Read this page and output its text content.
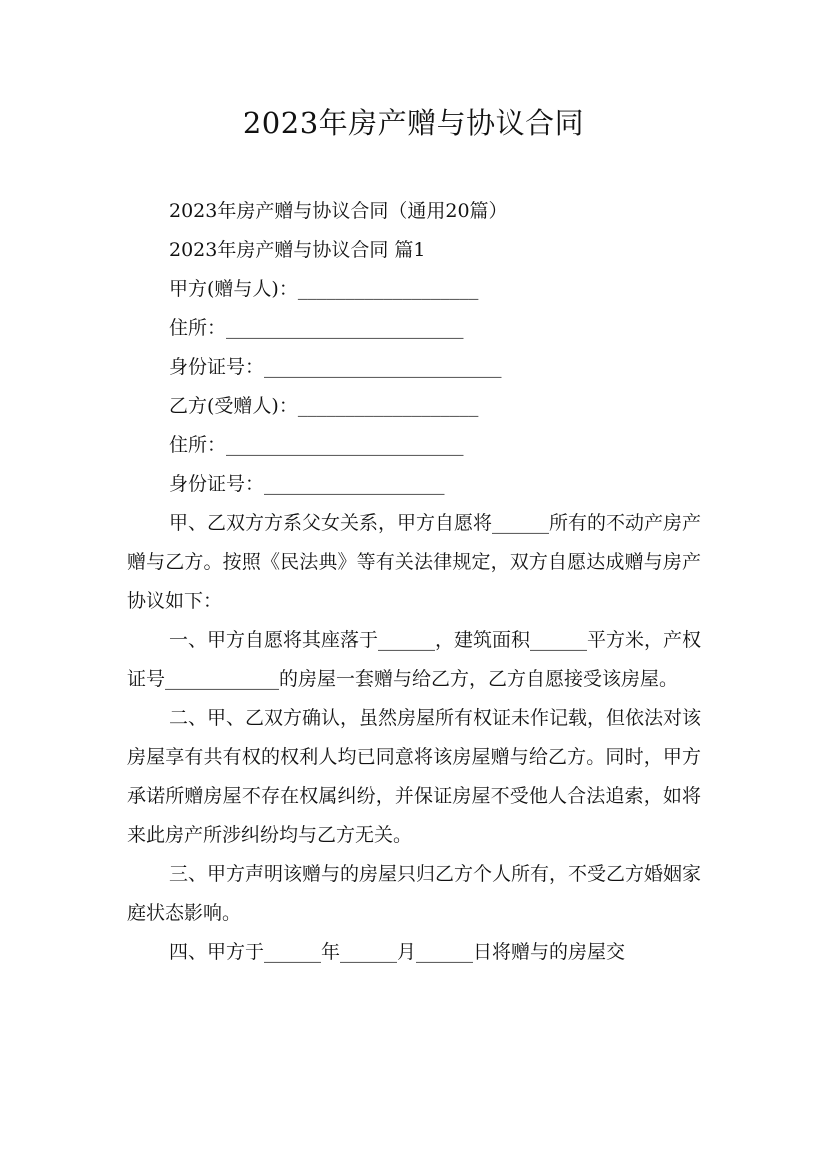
2023年房产赠与协议合同
2023年房产赠与协议合同（通用20篇）
2023年房产赠与协议合同 篇1
甲方(赠与人)：___________________
住所：_________________________
身份证号：_________________________
乙方(受赠人)：___________________
住所：_________________________
身份证号：___________________
甲、乙双方方系父女关系，甲方自愿将______所有的不动产房产赠与乙方。按照《民法典》等有关法律规定，双方自愿达成赠与房产协议如下：
一、甲方自愿将其座落于______，建筑面积______平方米，产权证号____________的房屋一套赠与给乙方，乙方自愿接受该房屋。
二、甲、乙双方确认，虽然房屋所有权证未作记载，但依法对该房屋享有共有权的权利人均已同意将该房屋赠与给乙方。同时，甲方承诺所赠房屋不存在权属纠纷，并保证房屋不受他人合法追索，如将来此房产所涉纠纷均与乙方无关。
三、甲方声明该赠与的房屋只归乙方个人所有，不受乙方婚姻家庭状态影响。
四、甲方于______年______月______日将赠与的房屋交
